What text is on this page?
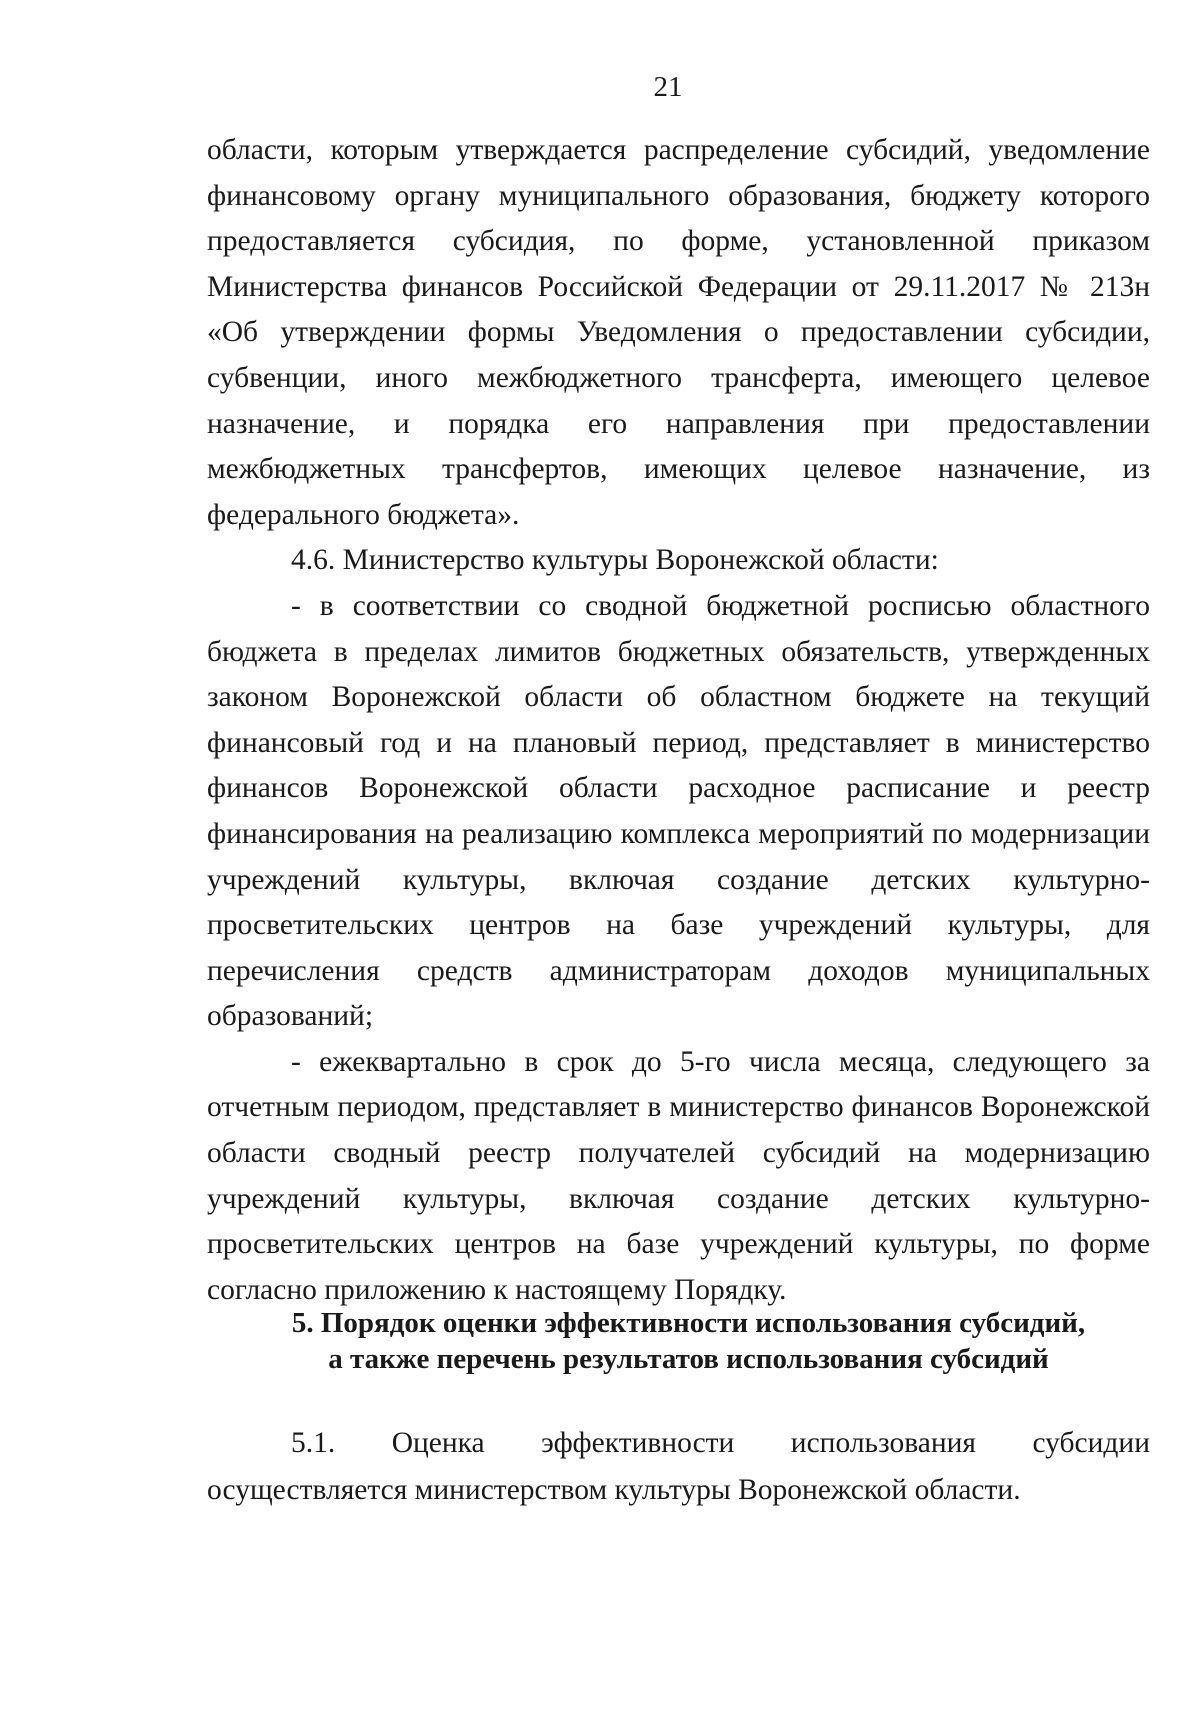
21

области, которым утверждается распределение субсидий, уведомление финансовому органу муниципального образования, бюджету которого предоставляется субсидия, по форме, установленной приказом Министерства финансов Российской Федерации от 29.11.2017 № 213н «Об утверждении формы Уведомления о предоставлении субсидии, субвенции, иного межбюджетного трансферта, имеющего целевое назначение, и порядка его направления при предоставлении межбюджетных трансфертов, имеющих целевое назначение, из федерального бюджета».

4.6. Министерство культуры Воронежской области:

- в соответствии со сводной бюджетной росписью областного бюджета в пределах лимитов бюджетных обязательств, утвержденных законом Воронежской области об областном бюджете на текущий финансовый год и на плановый период, представляет в министерство финансов Воронежской области расходное расписание и реестр финансирования на реализацию комплекса мероприятий по модернизации учреждений культуры, включая создание детских культурно-просветительских центров на базе учреждений культуры, для перечисления средств администраторам доходов муниципальных образований;

- ежеквартально в срок до 5-го числа месяца, следующего за отчетным периодом, представляет в министерство финансов Воронежской области сводный реестр получателей субсидий на модернизацию учреждений культуры, включая создание детских культурно-просветительских центров на базе учреждений культуры, по форме согласно приложению к настоящему Порядку.

5. Порядок оценки эффективности использования субсидий,
а также перечень результатов использования субсидий

5.1. Оценка эффективности использования субсидии осуществляется министерством культуры Воронежской области.
